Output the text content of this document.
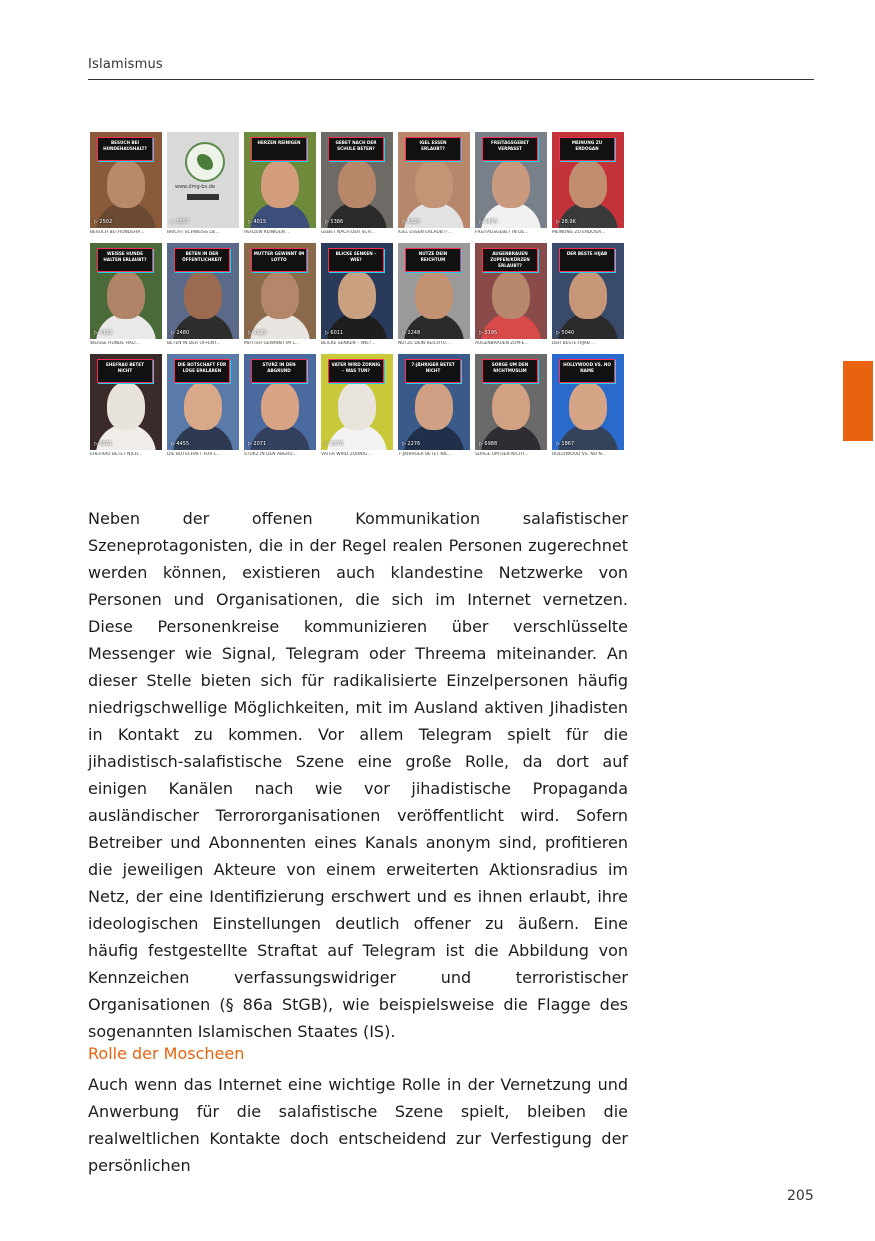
Islamismus
BESUCH BEI HUNDEHAUSHALT?
▷ 2502
BESUCH BEI HUNDEHA...
www.dmg-bs.de
▷ 3557
BRICHT SCHWEISS DE...
HERZEN REINIGEN
▷ 4015
HERZEN REINIGEN ...
GEBET NACH DER SCHULE BETEN?
▷ 5386
GEBET NACH DER SCH...
IGEL ESSEN ERLAUBT?
▷ 8125
IGEL ESSEN ERLAUBT?...
FREITAGSGEBET VERPASST
▷ 3476
FREITAGSGEBET IN DE...
MEINUNG ZU ERDOGAN
▷ 28.9K
MEINUNG ZU ERDOGA...
WEISSE HUNDE HALTEN ERLAUBT?
▷ 4152
WEISSE HUNDE HALT...
BETEN IN DER ÖFFENTLICHKEIT
▷ 2480
BETEN IN DER ÖFFENT...
MUTTER GEWINNT IM LOTTO
▷ 5129
MUTTER GEWINNT IM L...
BLICKE SENKEN – WIE?
▷ 6011
BLICKE SENKEN – WIE?...
NUTZE DEIN REICHTUM
▷ 2248
NUTZE DEIN REICHTU...
AUGENBRAUEN ZUPFEN/KÜRZEN ERLAUBT?
▷ 3195
AUGENBRAUEN ZUPFE...
DER BESTE HIJAB
▷ 5040
DER BESTE HIJAB ...
EHEFRAU BETET NICHT
▷ 6501
EHEFRAU BETET NICH...
DIE BOTSCHAFT FÜR LÜGE ERKLÄREN
▷ 4455
DIE BOTSCHAFT FÜR L...
STURZ IN DEN ABGRUND
▷ 2071
STURZ IN DEN ABGRU...
VATER WIRD ZORNIG – WAS TUN?
▷ 3678
VATER WIRD ZORNIG ...
7-JÄHRIGER BETET NICHT
▷ 2276
7-JÄHRIGER BETET NIC...
SORGE UM DEN NICHTMUSLIM
▷ 6988
SORGE UM DEN NICHT...
HOLLYWOOD VS. NO NAME
▷ 1867
HOLLYWOOD VS. NO N...

Neben der offenen Kommunikation salafistischer Szeneprotagonisten, die in der Regel realen Personen zugerechnet werden können, existieren auch klandestine Netzwerke von Personen und Organisationen, die sich im Internet vernetzen. Diese Personenkreise kommunizieren über verschlüsselte Messenger wie Signal, Telegram oder Threema miteinander. An dieser Stelle bieten sich für radikalisierte Einzelpersonen häufig niedrigschwellige Möglichkeiten, mit im Ausland aktiven Jihadisten in Kontakt zu kommen. Vor allem Telegram spielt für die jihadistisch-salafistische Szene eine große Rolle, da dort auf einigen Kanälen nach wie vor jihadistische Propaganda ausländischer Terrororganisationen veröffentlicht wird. Sofern Betreiber und Abonnenten eines Kanals anonym sind, profitieren die jeweiligen Akteure von einem erweiterten Aktionsradius im Netz, der eine Identifizierung erschwert und es ihnen erlaubt, ihre ideologischen Einstellungen deutlich offener zu äußern. Eine häufig festgestellte Straftat auf Telegram ist die Abbildung von Kennzeichen verfassungswidriger und terroristischer Organisationen (§ 86a StGB), wie beispielsweise die Flagge des sogenannten Islamischen Staates (IS).

Rolle der Moscheen

Auch wenn das Internet eine wichtige Rolle in der Vernetzung und Anwerbung für die salafistische Szene spielt, bleiben die realweltlichen Kontakte doch entscheidend zur Verfestigung der persönlichen

205
